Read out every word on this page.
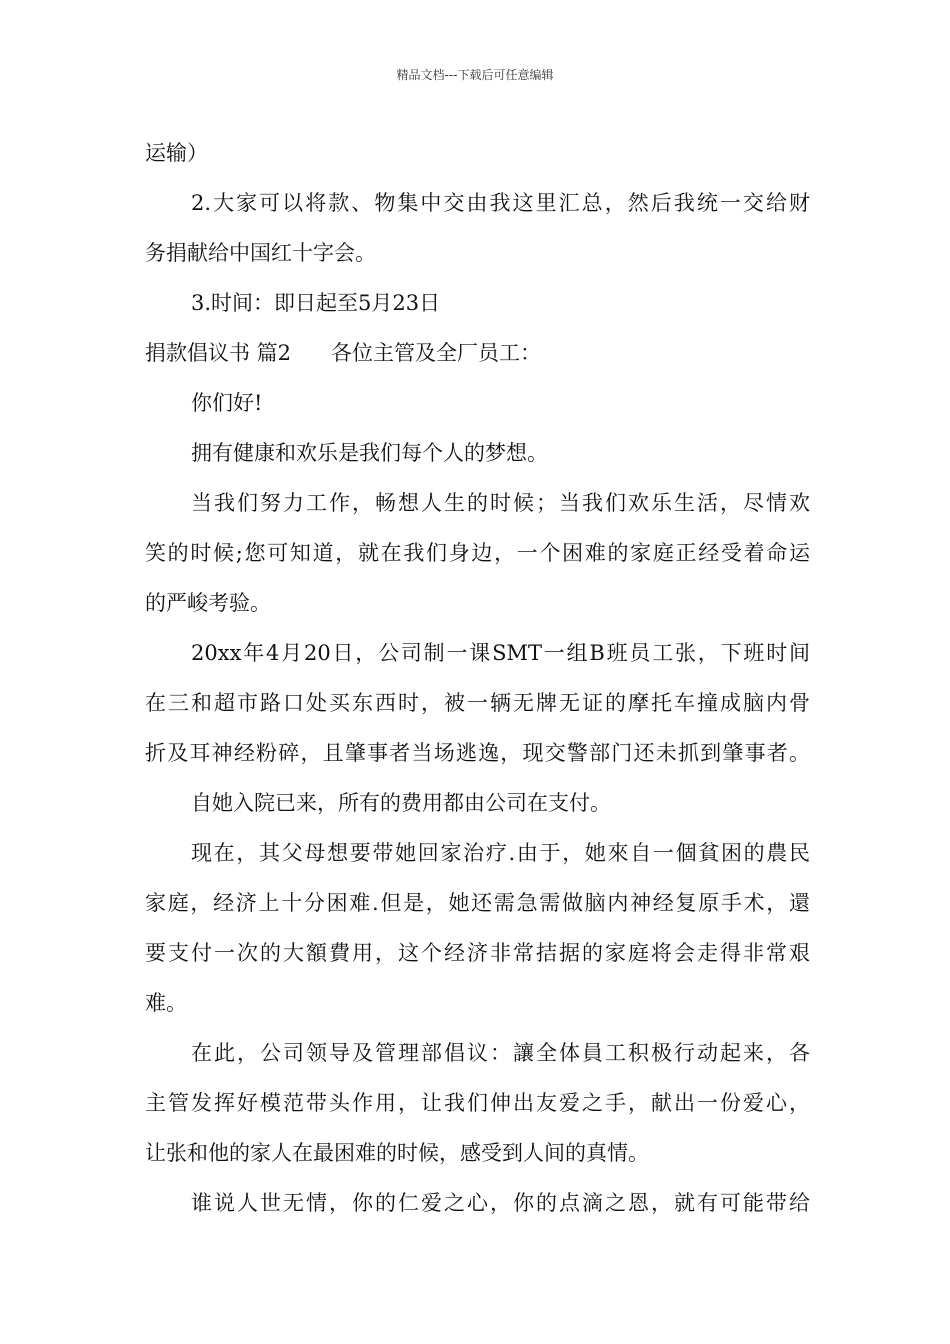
精品文档---下载后可任意编辑
运输）
2.大家可以将款、物集中交由我这里汇总，然后我统一交给财
务捐献给中国红十字会。
3.时间：即日起至5月23日
捐款倡议书 篇2 各位主管及全厂员工：
你们好!
拥有健康和欢乐是我们每个人的梦想。
当我们努力工作，畅想人生的时候；当我们欢乐生活，尽情欢
笑的时候;您可知道，就在我们身边，一个困难的家庭正经受着命运
的严峻考验。
20xx年4月20日，公司制一课SMT一组B班员工张，下班时间
在三和超市路口处买东西时，被一辆无牌无证的摩托车撞成脑内骨
折及耳神经粉碎，且肇事者当场逃逸，现交警部门还未抓到肇事者。
自她入院已来，所有的费用都由公司在支付。
现在，其父母想要带她回家治疗.由于，她來自一個貧困的農民
家庭，经济上十分困难.但是，她还需急需做脑内神经复原手术，還
要支付一次的大額費用，这个经济非常拮据的家庭将会走得非常艰
难。
在此，公司领导及管理部倡议：讓全体員工积极行动起来，各
主管发挥好模范带头作用，让我们伸出友爱之手，献出一份爱心，
让张和他的家人在最困难的时候，感受到人间的真情。
谁说人世无情，你的仁爱之心，你的点滴之恩，就有可能带给
